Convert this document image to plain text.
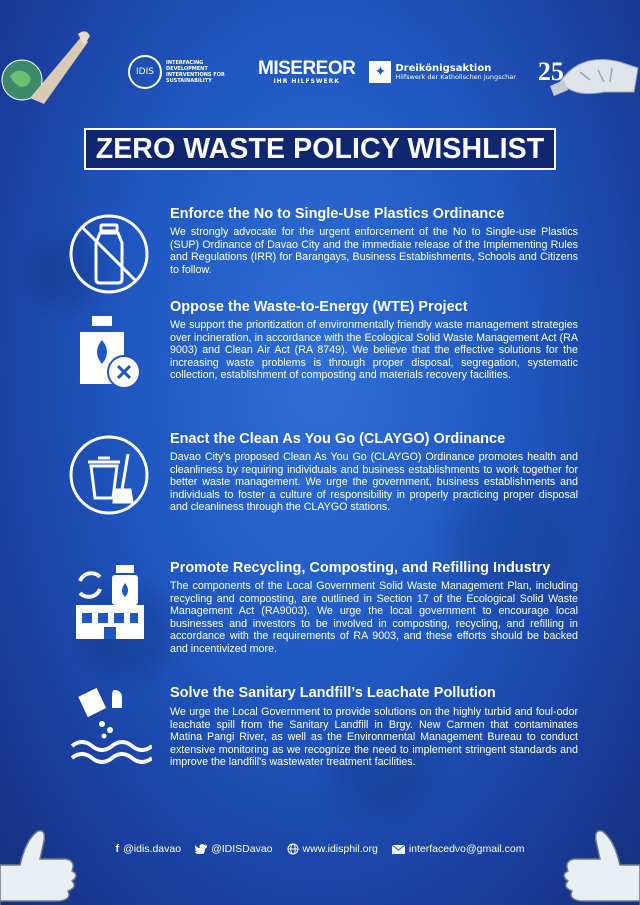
IDIS
INTERFACING DEVELOPMENT INTERVENTIONS FOR SUSTAINABILITY
MISEREOR
IHR HILFSWERK
✦ Dreikönigsaktion
Hilfswerk der Katholischen Jungschar 25
ZERO WASTE POLICY WISHLIST
Enforce the No to Single-Use Plastics Ordinance

We strongly advocate for the urgent enforcement of the No to Single-use Plastics (SUP) Ordinance of Davao City and the immediate release of the Implementing Rules and Regulations (IRR) for Barangays, Business Establishments, Schools and Citizens to follow.

Oppose the Waste-to-Energy (WTE) Project

We support the prioritization of environmentally friendly waste management strategies over incineration, in accordance with the Ecological Solid Waste Management Act (RA 9003) and Clean Air Act (RA 8749). We believe that the effective solutions for the increasing waste problems is through proper disposal, segregation, systematic collection, establishment of composting and materials recovery facilities.

Enact the Clean As You Go (CLAYGO) Ordinance

Davao City's proposed Clean As You Go (CLAYGO) Ordinance promotes health and cleanliness by requiring individuals and business establishments to work together for better waste management. We urge the government, business establishments and individuals to foster a culture of responsibility in properly practicing proper disposal and cleanliness through the CLAYGO stations.

Promote Recycling, Composting, and Refilling Industry

The components of the Local Government Solid Waste Management Plan, including recycling and composting, are outlined in Section 17 of the Ecological Solid Waste Management Act (RA9003). We urge the local government to encourage local businesses and investors to be involved in composting, recycling, and refilling in accordance with the requirements of RA 9003, and these efforts should be backed and incentivized more.

Solve the Sanitary Landfill’s Leachate Pollution

We urge the Local Government to provide solutions on the highly turbid and foul-odor leachate spill from the Sanitary Landfill in Brgy. New Carmen that contaminates Matina Pangi River, as well as the Environmental Management Bureau to conduct extensive monitoring as we recognize the need to implement stringent standards and improve the landfill's wastewater treatment facilities.

f @idis.davao	@IDISDavao	www.idisphil.org	interfacedvo@gmail.com
